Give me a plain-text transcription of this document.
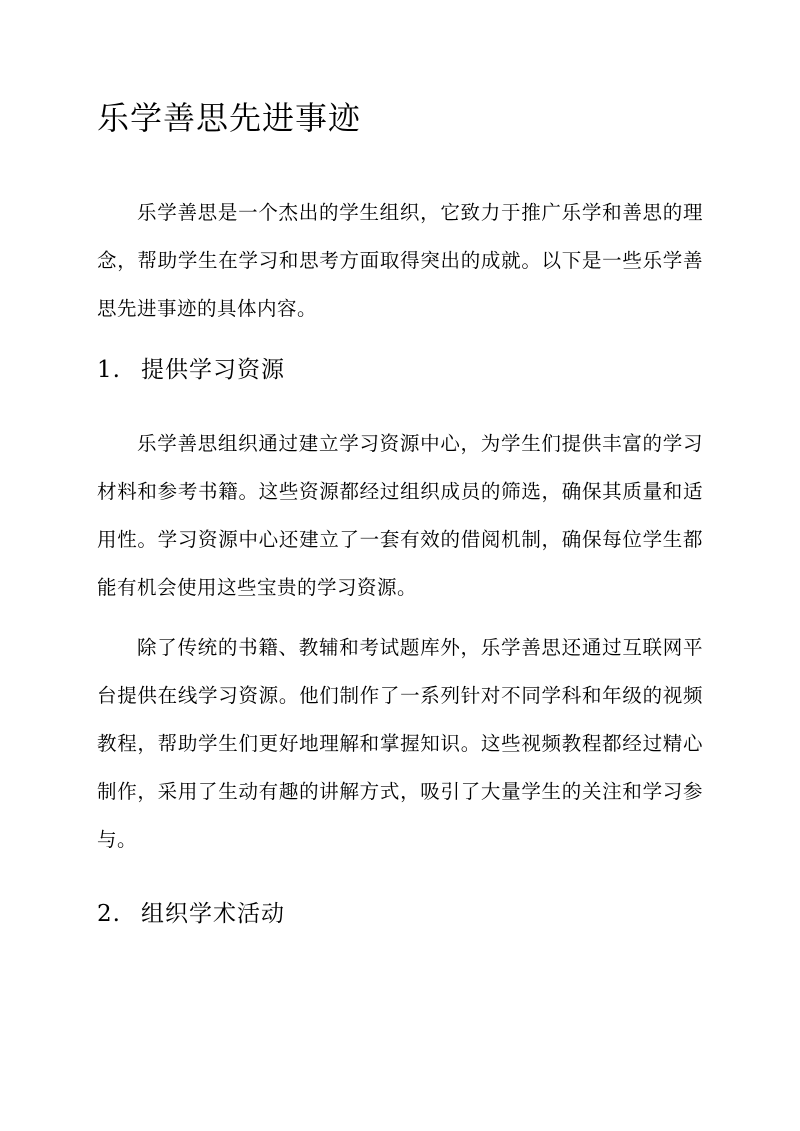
乐学善思先进事迹

乐学善思是一个杰出的学生组织，它致力于推广乐学和善思的理念，帮助学生在学习和思考方面取得突出的成就。以下是一些乐学善思先进事迹的具体内容。

1. 提供学习资源

乐学善思组织通过建立学习资源中心，为学生们提供丰富的学习材料和参考书籍。这些资源都经过组织成员的筛选，确保其质量和适用性。学习资源中心还建立了一套有效的借阅机制，确保每位学生都能有机会使用这些宝贵的学习资源。

除了传统的书籍、教辅和考试题库外，乐学善思还通过互联网平台提供在线学习资源。他们制作了一系列针对不同学科和年级的视频教程，帮助学生们更好地理解和掌握知识。这些视频教程都经过精心制作，采用了生动有趣的讲解方式，吸引了大量学生的关注和学习参与。

2. 组织学术活动
